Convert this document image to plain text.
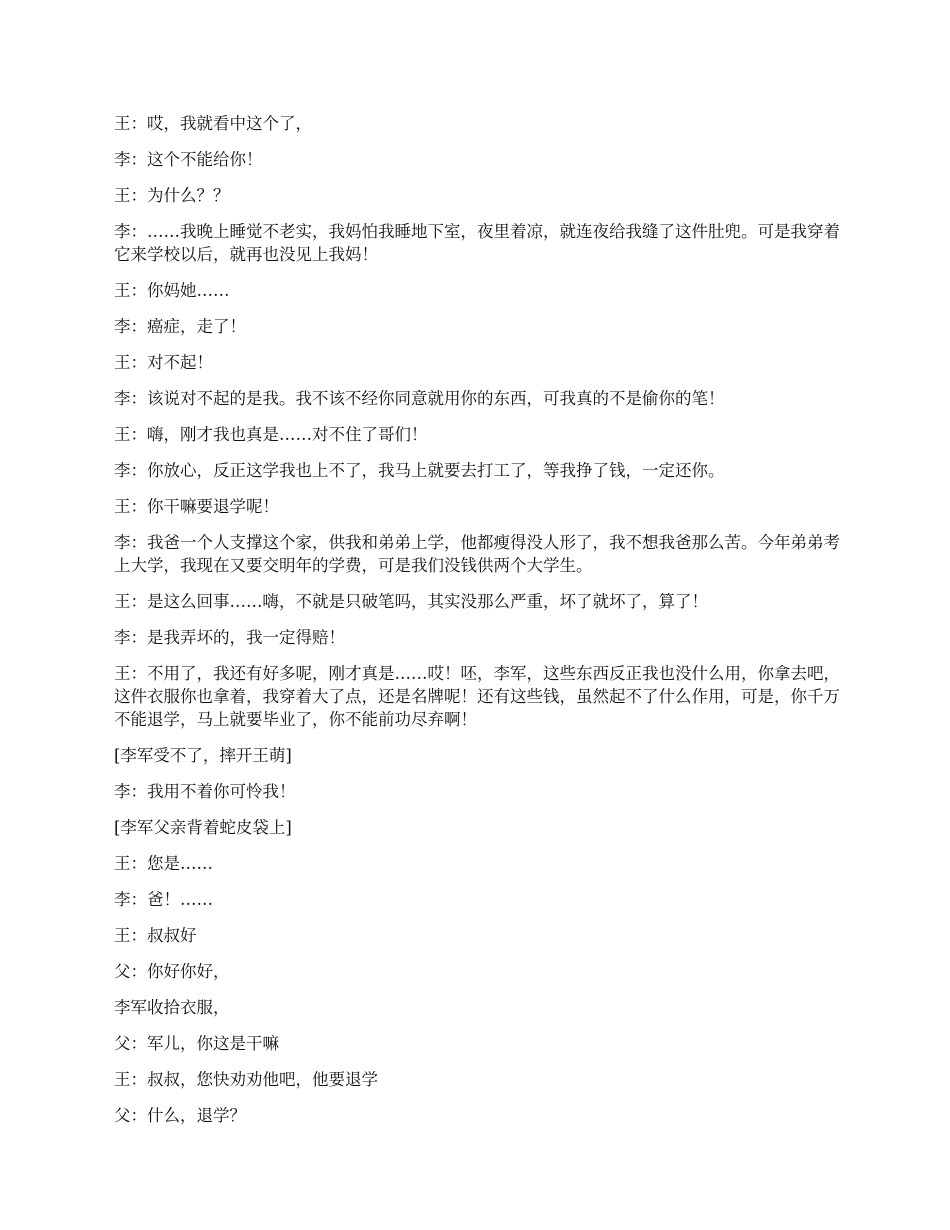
王：哎，我就看中这个了，

李：这个不能给你！

王：为什么？？

李：……我晚上睡觉不老实，我妈怕我睡地下室，夜里着凉，就连夜给我缝了这件肚兜。可是我穿着它来学校以后，就再也没见上我妈！

王：你妈她……

李：癌症，走了！

王：对不起！

李：该说对不起的是我。我不该不经你同意就用你的东西，可我真的不是偷你的笔！

王：嗨，刚才我也真是……对不住了哥们！

李：你放心，反正这学我也上不了，我马上就要去打工了，等我挣了钱，一定还你。

王：你干嘛要退学呢！

李：我爸一个人支撑这个家，供我和弟弟上学，他都瘦得没人形了，我不想我爸那么苦。今年弟弟考上大学，我现在又要交明年的学费，可是我们没钱供两个大学生。

王：是这么回事……嗨，不就是只破笔吗，其实没那么严重，坏了就坏了，算了！

李：是我弄坏的，我一定得赔！

王：不用了，我还有好多呢，刚才真是……哎！呸，李军，这些东西反正我也没什么用，你拿去吧，这件衣服你也拿着，我穿着大了点，还是名牌呢！还有这些钱，虽然起不了什么作用，可是，你千万不能退学，马上就要毕业了，你不能前功尽弃啊！

[李军受不了，摔开王萌]

李：我用不着你可怜我！

[李军父亲背着蛇皮袋上]

王：您是……

李：爸！……

王：叔叔好

父：你好你好，

李军收拾衣服，

父：军儿，你这是干嘛

王：叔叔，您快劝劝他吧，他要退学

父：什么，退学？
